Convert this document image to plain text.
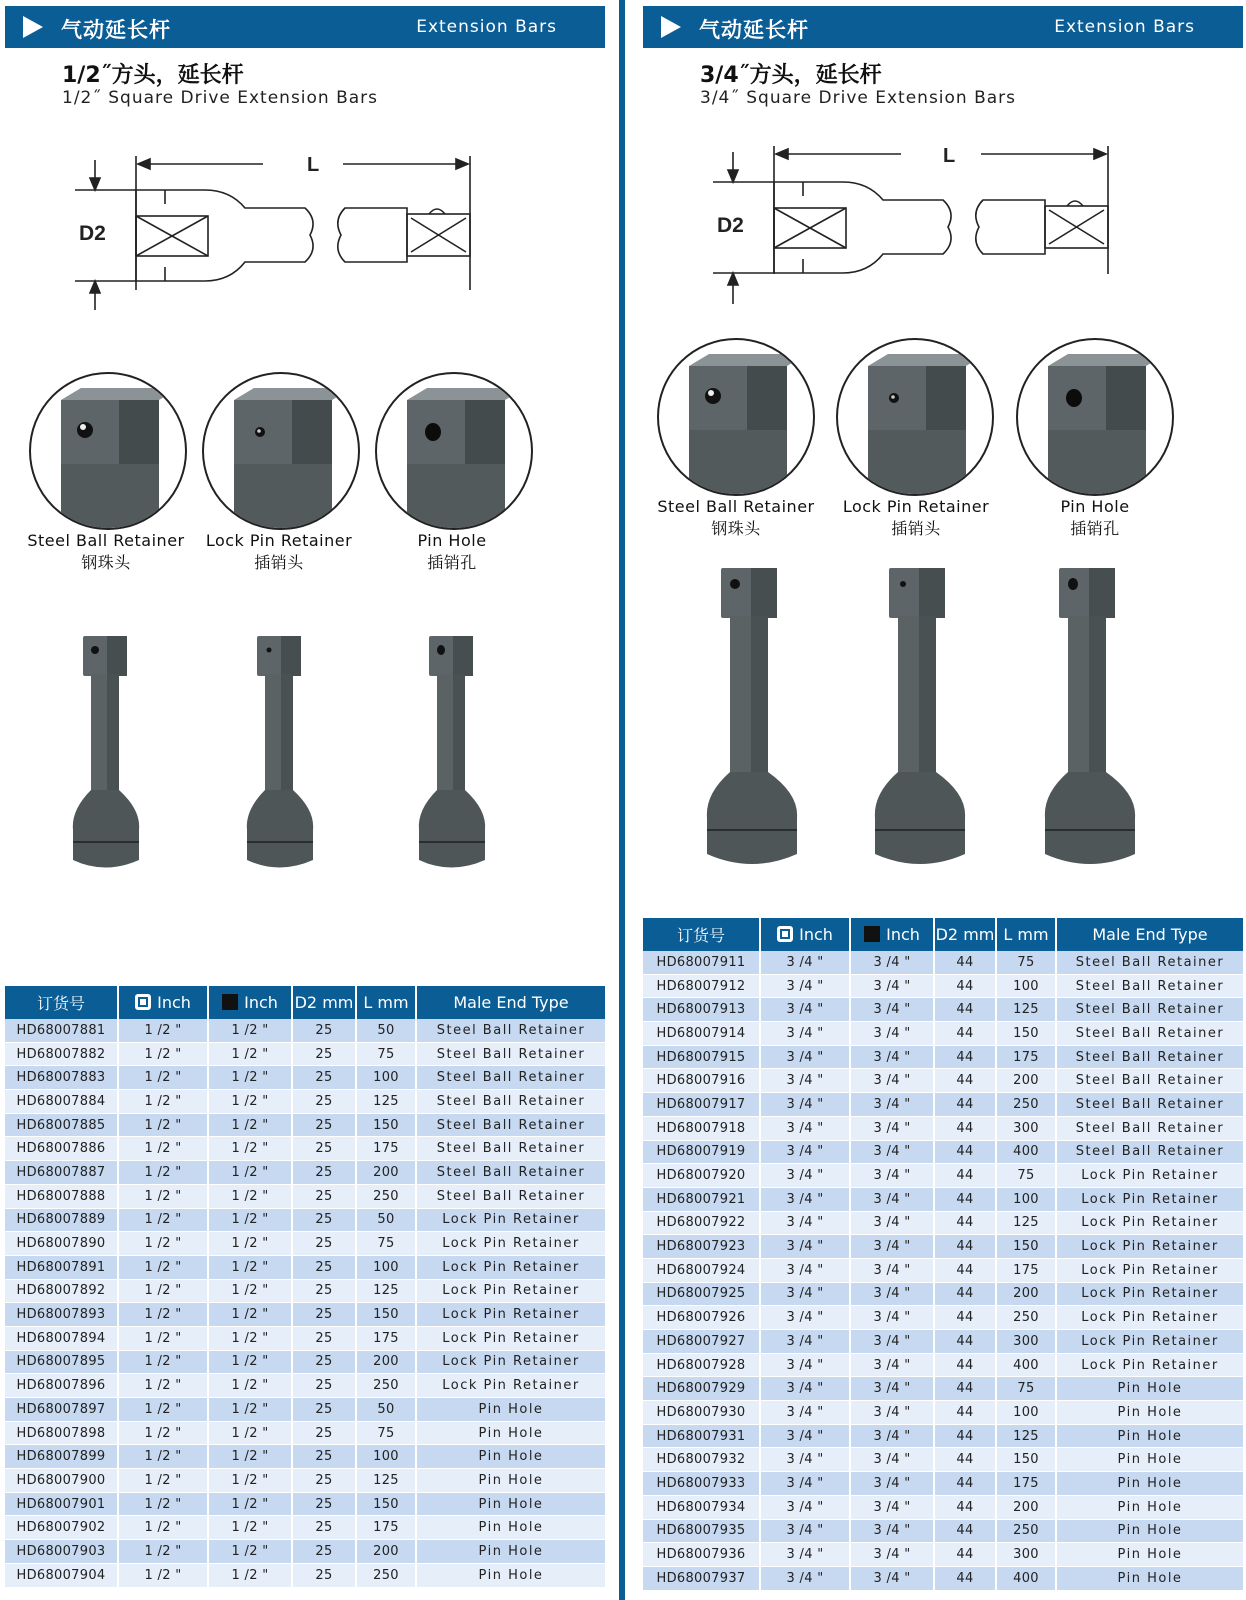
气动延长杆	Extension Bars
1/2˝方头，延长杆
1/2˝ Square Drive Extension Bars
L
D2
Steel Ball Retainer
钢珠头
Lock Pin Retainer
插销头
Pin Hole
插销孔
订货号	Inch	Inch	D2 mm	L mm	Male End Type
HD68007881	1 /2 "	1 /2 "	25	50	Steel Ball Retainer
HD68007882	1 /2 "	1 /2 "	25	75	Steel Ball Retainer
HD68007883	1 /2 "	1 /2 "	25	100	Steel Ball Retainer
HD68007884	1 /2 "	1 /2 "	25	125	Steel Ball Retainer
HD68007885	1 /2 "	1 /2 "	25	150	Steel Ball Retainer
HD68007886	1 /2 "	1 /2 "	25	175	Steel Ball Retainer
HD68007887	1 /2 "	1 /2 "	25	200	Steel Ball Retainer
HD68007888	1 /2 "	1 /2 "	25	250	Steel Ball Retainer
HD68007889	1 /2 "	1 /2 "	25	50	Lock Pin Retainer
HD68007890	1 /2 "	1 /2 "	25	75	Lock Pin Retainer
HD68007891	1 /2 "	1 /2 "	25	100	Lock Pin Retainer
HD68007892	1 /2 "	1 /2 "	25	125	Lock Pin Retainer
HD68007893	1 /2 "	1 /2 "	25	150	Lock Pin Retainer
HD68007894	1 /2 "	1 /2 "	25	175	Lock Pin Retainer
HD68007895	1 /2 "	1 /2 "	25	200	Lock Pin Retainer
HD68007896	1 /2 "	1 /2 "	25	250	Lock Pin Retainer
HD68007897	1 /2 "	1 /2 "	25	50	Pin Hole
HD68007898	1 /2 "	1 /2 "	25	75	Pin Hole
HD68007899	1 /2 "	1 /2 "	25	100	Pin Hole
HD68007900	1 /2 "	1 /2 "	25	125	Pin Hole
HD68007901	1 /2 "	1 /2 "	25	150	Pin Hole
HD68007902	1 /2 "	1 /2 "	25	175	Pin Hole
HD68007903	1 /2 "	1 /2 "	25	200	Pin Hole
HD68007904	1 /2 "	1 /2 "	25	250	Pin Hole
气动延长杆	Extension Bars
3/4˝方头，延长杆
3/4˝ Square Drive Extension Bars
L
D2
Steel Ball Retainer
钢珠头
Lock Pin Retainer
插销头
Pin Hole
插销孔
订货号	Inch	Inch	D2 mm	L mm	Male End Type
HD68007911	3 /4 "	3 /4 "	44	75	Steel Ball Retainer
HD68007912	3 /4 "	3 /4 "	44	100	Steel Ball Retainer
HD68007913	3 /4 "	3 /4 "	44	125	Steel Ball Retainer
HD68007914	3 /4 "	3 /4 "	44	150	Steel Ball Retainer
HD68007915	3 /4 "	3 /4 "	44	175	Steel Ball Retainer
HD68007916	3 /4 "	3 /4 "	44	200	Steel Ball Retainer
HD68007917	3 /4 "	3 /4 "	44	250	Steel Ball Retainer
HD68007918	3 /4 "	3 /4 "	44	300	Steel Ball Retainer
HD68007919	3 /4 "	3 /4 "	44	400	Steel Ball Retainer
HD68007920	3 /4 "	3 /4 "	44	75	Lock Pin Retainer
HD68007921	3 /4 "	3 /4 "	44	100	Lock Pin Retainer
HD68007922	3 /4 "	3 /4 "	44	125	Lock Pin Retainer
HD68007923	3 /4 "	3 /4 "	44	150	Lock Pin Retainer
HD68007924	3 /4 "	3 /4 "	44	175	Lock Pin Retainer
HD68007925	3 /4 "	3 /4 "	44	200	Lock Pin Retainer
HD68007926	3 /4 "	3 /4 "	44	250	Lock Pin Retainer
HD68007927	3 /4 "	3 /4 "	44	300	Lock Pin Retainer
HD68007928	3 /4 "	3 /4 "	44	400	Lock Pin Retainer
HD68007929	3 /4 "	3 /4 "	44	75	Pin Hole
HD68007930	3 /4 "	3 /4 "	44	100	Pin Hole
HD68007931	3 /4 "	3 /4 "	44	125	Pin Hole
HD68007932	3 /4 "	3 /4 "	44	150	Pin Hole
HD68007933	3 /4 "	3 /4 "	44	175	Pin Hole
HD68007934	3 /4 "	3 /4 "	44	200	Pin Hole
HD68007935	3 /4 "	3 /4 "	44	250	Pin Hole
HD68007936	3 /4 "	3 /4 "	44	300	Pin Hole
HD68007937	3 /4 "	3 /4 "	44	400	Pin Hole
